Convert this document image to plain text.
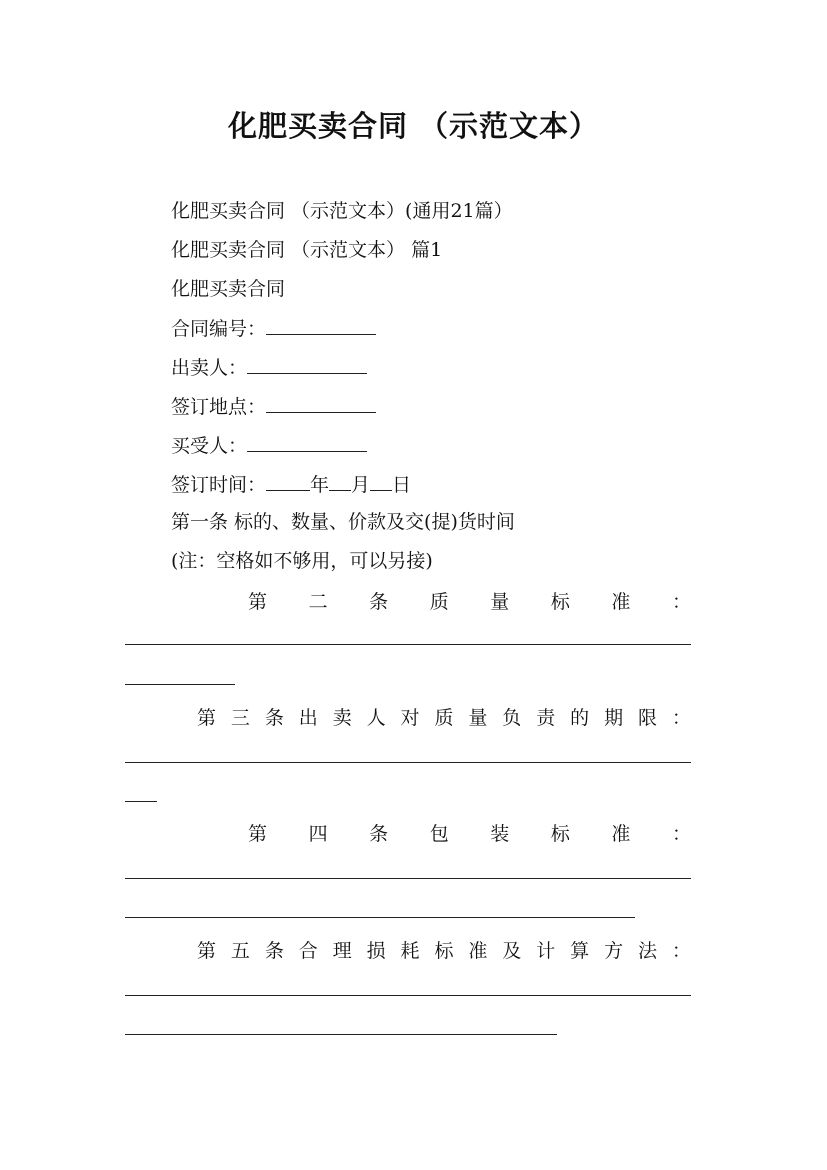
化肥买卖合同 （示范文本）
化肥买卖合同 （示范文本）(通用21篇）
化肥买卖合同 （示范文本） 篇1
化肥买卖合同
合同编号：
出卖人：
签订地点：
买受人：
签订时间： 年 月 日
第一条 标的、数量、价款及交(提)货时间
(注：空格如不够用，可以另接)
第 二 条 质 量 标 准 ：
第 三 条 出 卖 人 对 质 量 负 责 的 期 限 ：
第 四 条 包 装 标 准 ：
第 五 条 合 理 损 耗 标 准 及 计 算 方 法 ：
